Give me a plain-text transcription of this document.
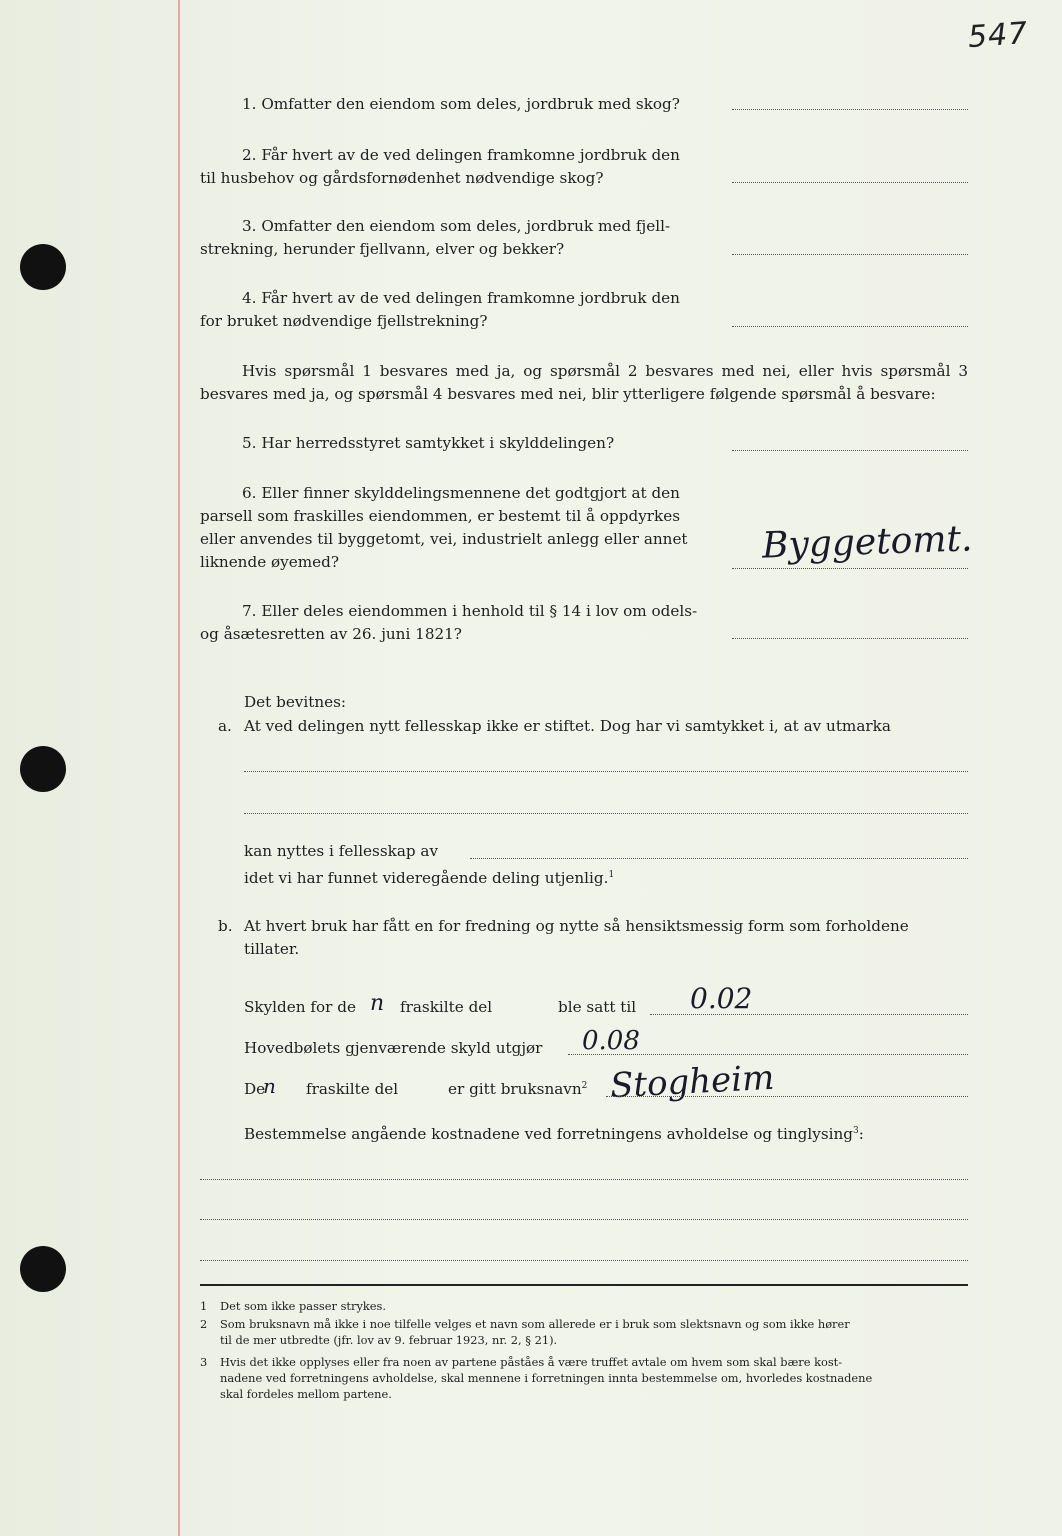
547
1. Omfatter den eiendom som deles, jordbruk med skog?
2. Får hvert av de ved delingen framkomne jordbruk den
til husbehov og gårdsfornødenhet nødvendige skog?
3. Omfatter den eiendom som deles, jordbruk med fjell-
strekning, herunder fjellvann, elver og bekker?
4. Får hvert av de ved delingen framkomne jordbruk den
for bruket nødvendige fjellstrekning?
Hvis spørsmål 1 besvares med ja, og spørsmål 2 besvares med nei, eller hvis spørsmål 3 besvares med ja, og spørsmål 4 besvares med nei, blir ytterligere følgende spørsmål å besvare:
5. Har herredsstyret samtykket i skylddelingen?
6. Eller finner skylddelingsmennene det godtgjort at den
parsell som fraskilles eiendommen, er bestemt til å oppdyrkes
eller anvendes til byggetomt, vei, industrielt anlegg eller annet
liknende øyemed?	Byggetomt.
7. Eller deles eiendommen i henhold til § 14 i lov om odels-
og åsætesretten av 26. juni 1821?
Det bevitnes:
a. At ved delingen nytt fellesskap ikke er stiftet. Dog har vi samtykket i, at av utmarka
kan nyttes i fellesskap av
idet vi har funnet videregående deling utjenlig.$^1$
b. At hvert bruk har fått en for fredning og nytte så hensiktsmessig form som forholdene
tillater.
Skylden for de n fraskilte del	ble satt til 0.02
Hovedbølets gjenværende skyld utgjør 0.08
De
n fraskilte del	er gitt bruksnavn$^2$ Stoghеim
Bestemmelse angående kostnadene ved forretningens avholdelse og tinglysing$^3$:
1 Det som ikke passer strykes.
2 Som bruksnavn må ikke i noe tilfelle velges et navn som allerede er i bruk som slektsnavn og som ikke hører
til de mer utbredte (jfr. lov av 9. februar 1923, nr. 2, § 21).
3 Hvis det ikke opplyses eller fra noen av partene påståes å være truffet avtale om hvem som skal bære kost-
nadene ved forretningens avholdelse, skal mennene i forretningen innta bestemmelse om, hvorledes kostnadene
skal fordeles mellom partene.
